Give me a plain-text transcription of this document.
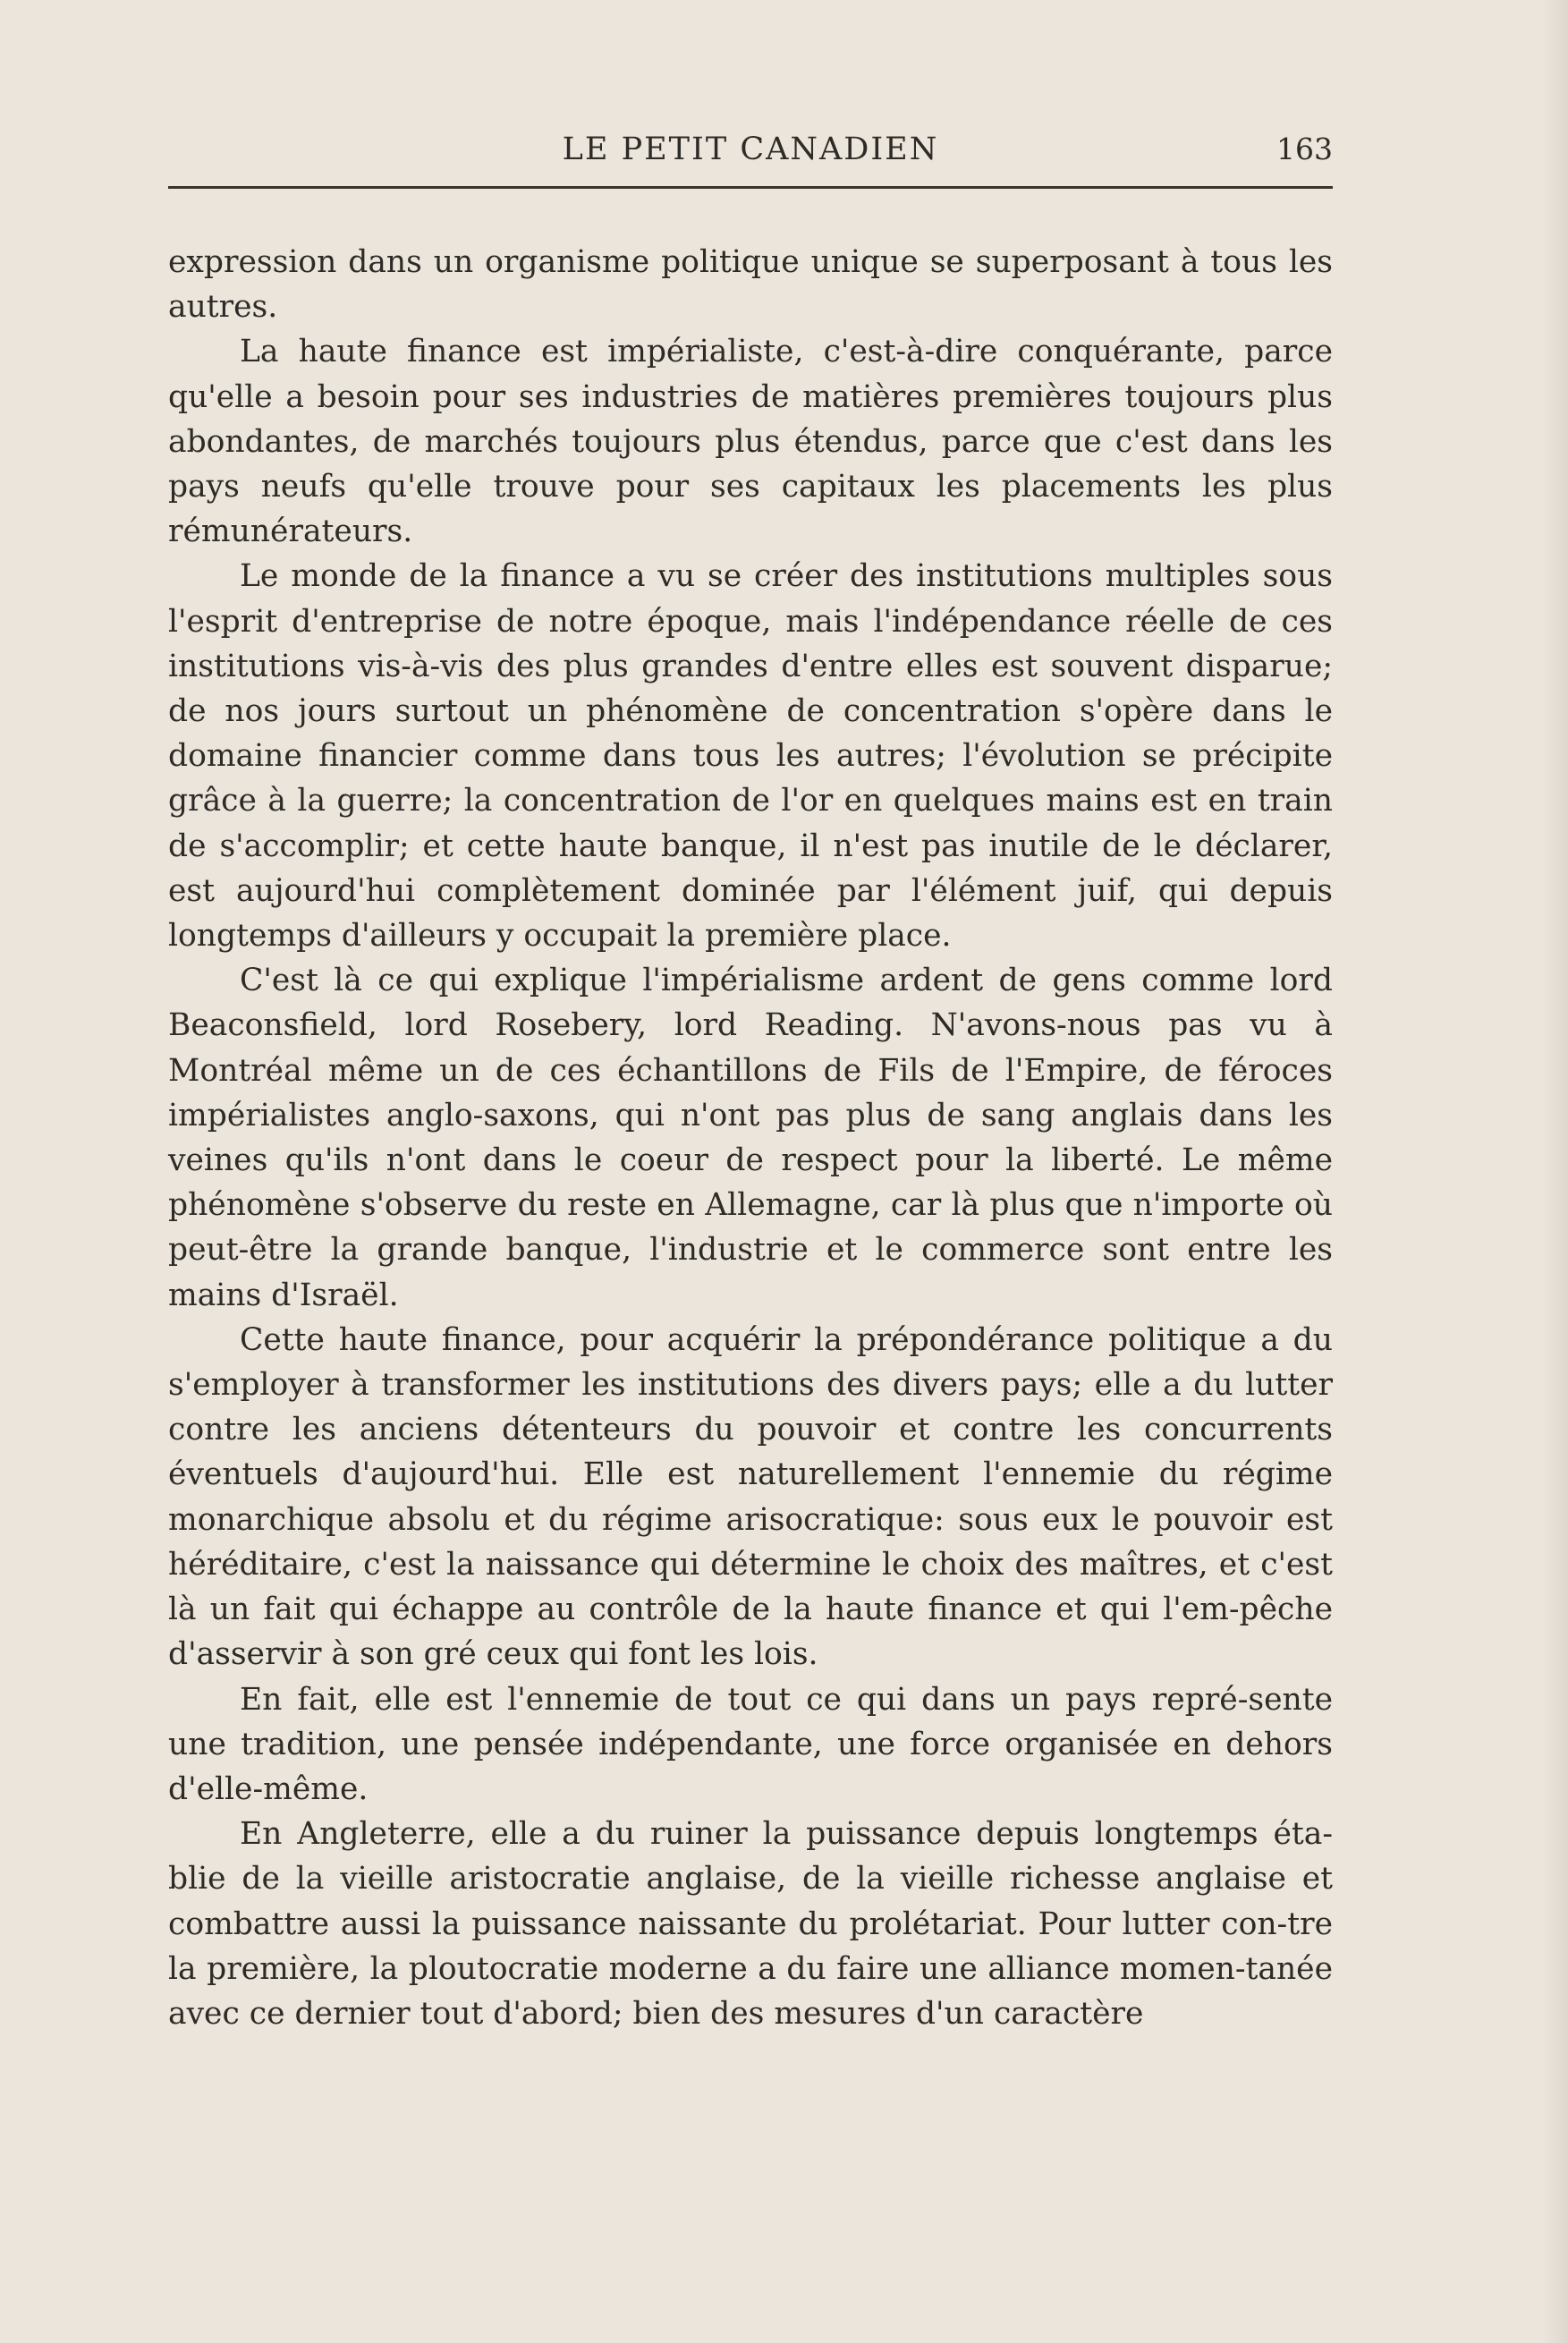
LE PETIT CANADIEN	163

expression dans un organisme politique unique se superposant à tous les autres.

La haute finance est impérialiste, c'est-à-dire conquérante, parce qu'elle a besoin pour ses industries de matières premières toujours plus abondantes, de marchés toujours plus étendus, parce que c'est dans les pays neufs qu'elle trouve pour ses capitaux les placements les plus rémunérateurs.

Le monde de la finance a vu se créer des institutions multiples sous l'esprit d'entreprise de notre époque, mais l'indépendance réelle de ces institutions vis-à-vis des plus grandes d'entre elles est souvent disparue; de nos jours surtout un phénomène de concentration s'opère dans le domaine financier comme dans tous les autres; l'évolution se précipite grâce à la guerre; la concentration de l'or en quelques mains est en train de s'accomplir; et cette haute banque, il n'est pas inutile de le déclarer, est aujourd'hui complètement dominée par l'élément juif, qui depuis longtemps d'ailleurs y occupait la première place.

C'est là ce qui explique l'impérialisme ardent de gens comme lord Beaconsfield, lord Rosebery, lord Reading. N'avons-nous pas vu à Montréal même un de ces échantillons de Fils de l'Empire, de féroces impérialistes anglo-saxons, qui n'ont pas plus de sang anglais dans les veines qu'ils n'ont dans le coeur de respect pour la liberté. Le même phénomène s'observe du reste en Allemagne, car là plus que n'importe où peut-être la grande banque, l'industrie et le commerce sont entre les mains d'Israël.

Cette haute finance, pour acquérir la prépondérance politique a du s'employer à transformer les institutions des divers pays; elle a du lutter contre les anciens détenteurs du pouvoir et contre les concurrents éventuels d'aujourd'hui. Elle est naturellement l'ennemie du régime monarchique absolu et du régime arisocratique: sous eux le pouvoir est héréditaire, c'est la naissance qui détermine le choix des maîtres, et c'est là un fait qui échappe au contrôle de la haute finance et qui l'em-pêche d'asservir à son gré ceux qui font les lois.

En fait, elle est l'ennemie de tout ce qui dans un pays repré-sente une tradition, une pensée indépendante, une force organisée en dehors d'elle-même.

En Angleterre, elle a du ruiner la puissance depuis longtemps éta-blie de la vieille aristocratie anglaise, de la vieille richesse anglaise et combattre aussi la puissance naissante du prolétariat. Pour lutter con-tre la première, la ploutocratie moderne a du faire une alliance momen-tanée avec ce dernier tout d'abord; bien des mesures d'un caractère
